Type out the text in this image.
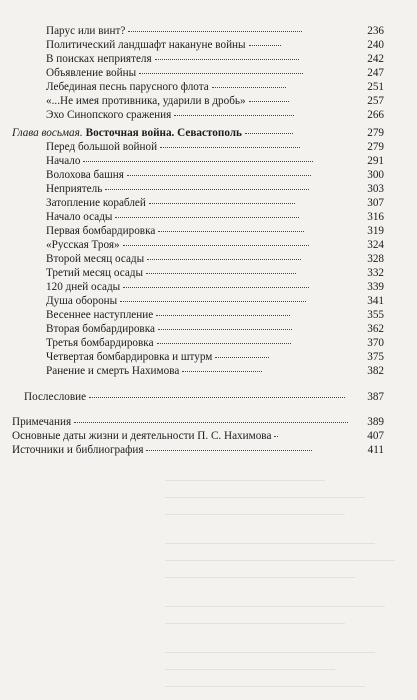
Парус или винт?	236
Политический ландшафт накануне войны	240
В поисках неприятеля	242
Объявление войны	247
Лебединая песнь парусного флота	251
«...Не имея противника, ударили в дробь»	257
Эхо Синопского сражения	266
Глава восьмая. Восточная война. Севастополь	279
Перед большой войной	279
Начало	291
Волохова башня	300
Неприятель	303
Затопление кораблей	307
Начало осады	316
Первая бомбардировка	319
«Русская Троя»	324
Второй месяц осады	328
Третий месяц осады	332
120 дней осады	339
Душа обороны	341
Весеннее наступление	355
Вторая бомбардировка	362
Третья бомбардировка	370
Четвертая бомбардировка и штурм	375
Ранение и смерть Нахимова	382
Послесловие	387
Примечания	389
Основные даты жизни и деятельности П. С. Нахимова	407
Источники и библиография	411
